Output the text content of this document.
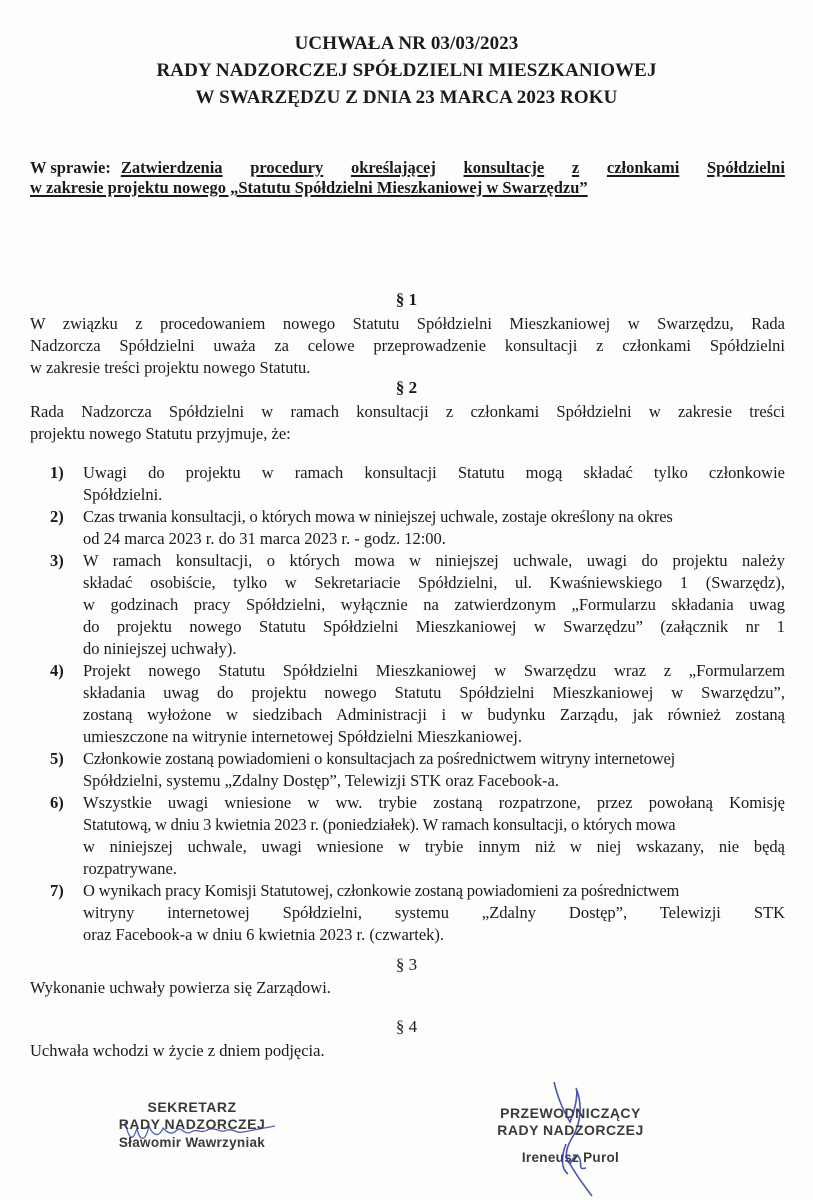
UCHWAŁA NR 03/03/2023
RADY NADZORCZEJ SPÓŁDZIELNI MIESZKANIOWEJ
W SWARZĘDZU Z DNIA 23 MARCA 2023 ROKU
W sprawie: Zatwierdzenia procedury określającej konsultacje z członkami Spółdzielni
w zakresie projektu nowego „Statutu Spółdzielni Mieszkaniowej w Swarzędzu”
§ 1
W związku z procedowaniem nowego Statutu Spółdzielni Mieszkaniowej w Swarzędzu, Rada
Nadzorcza Spółdzielni uważa za celowe przeprowadzenie konsultacji z członkami Spółdzielni
w zakresie treści projektu nowego Statutu.
§ 2
Rada Nadzorcza Spółdzielni w ramach konsultacji z członkami Spółdzielni w zakresie treści
projektu nowego Statutu przyjmuje, że:
1) Uwagi do projektu w ramach konsultacji Statutu mogą składać tylko członkowie
Spółdzielni.
2) Czas trwania konsultacji, o których mowa w niniejszej uchwale, zostaje określony na okres
od 24 marca 2023 r. do 31 marca 2023 r. - godz. 12:00.
3) W ramach konsultacji, o których mowa w niniejszej uchwale, uwagi do projektu należy
składać osobiście, tylko w Sekretariacie Spółdzielni, ul. Kwaśniewskiego 1 (Swarzędz),
w godzinach pracy Spółdzielni, wyłącznie na zatwierdzonym „Formularzu składania uwag
do projektu nowego Statutu Spółdzielni Mieszkaniowej w Swarzędzu” (załącznik nr 1
do niniejszej uchwały).
4) Projekt nowego Statutu Spółdzielni Mieszkaniowej w Swarzędzu wraz z „Formularzem
składania uwag do projektu nowego Statutu Spółdzielni Mieszkaniowej w Swarzędzu”,
zostaną wyłożone w siedzibach Administracji i w budynku Zarządu, jak również zostaną
umieszczone na witrynie internetowej Spółdzielni Mieszkaniowej.
5) Członkowie zostaną powiadomieni o konsultacjach za pośrednictwem witryny internetowej
Spółdzielni, systemu „Zdalny Dostęp”, Telewizji STK oraz Facebook-a.
6) Wszystkie uwagi wniesione w ww. trybie zostaną rozpatrzone, przez powołaną Komisję
Statutową, w dniu 3 kwietnia 2023 r. (poniedziałek). W ramach konsultacji, o których mowa
w niniejszej uchwale, uwagi wniesione w trybie innym niż w niej wskazany, nie będą
rozpatrywane.
7) O wynikach pracy Komisji Statutowej, członkowie zostaną powiadomieni za pośrednictwem
witryny internetowej Spółdzielni, systemu „Zdalny Dostęp”, Telewizji STK
oraz Facebook-a w dniu 6 kwietnia 2023 r. (czwartek).
§ 3
Wykonanie uchwały powierza się Zarządowi.
§ 4
Uchwała wchodzi w życie z dniem podjęcia.
SEKRETARZ
RADY NADZORCZEJ
Sławomir Wawrzyniak
PRZEWODNICZĄCY
RADY NADZORCZEJ
Ireneusz Purol
